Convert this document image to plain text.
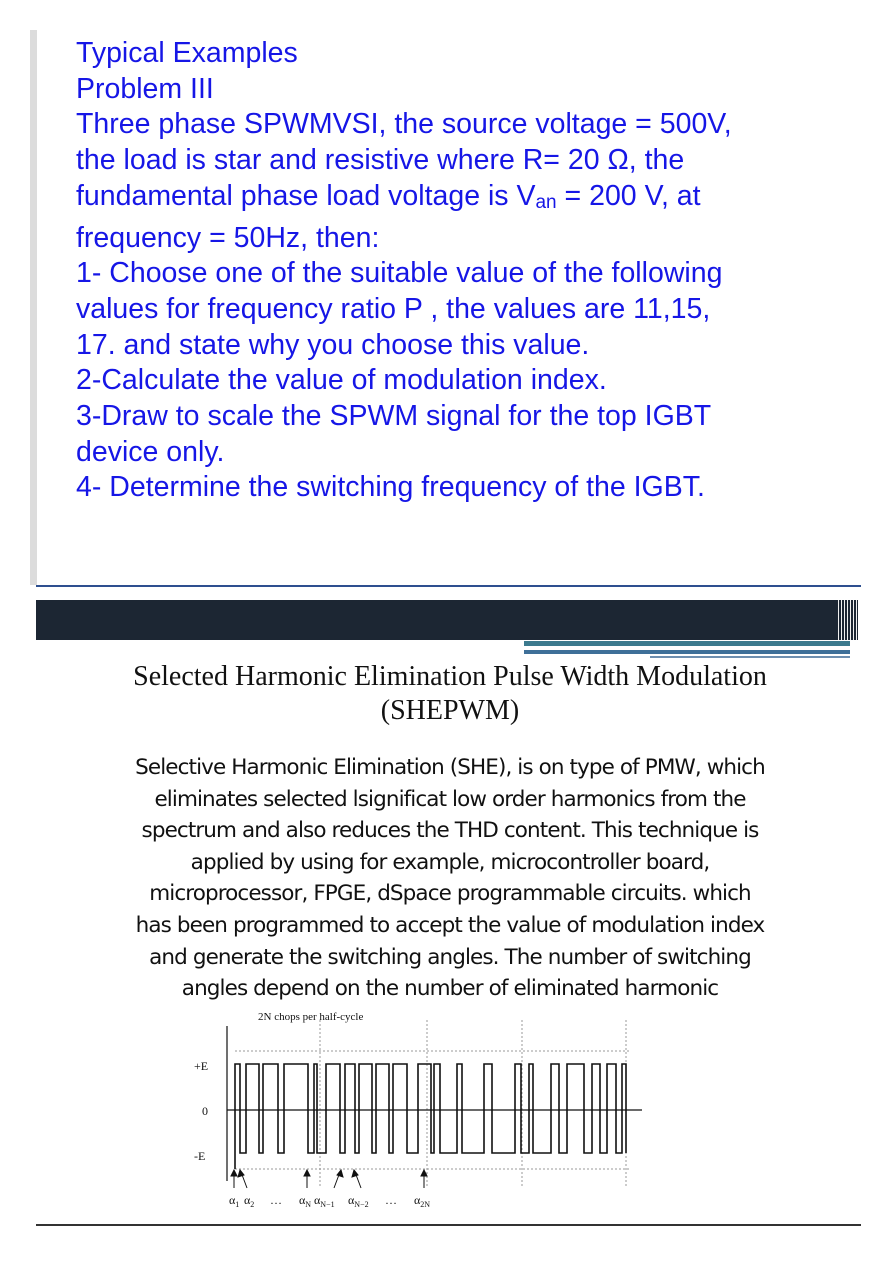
Typical Examples
Problem III
Three phase SPWMVSI, the source voltage = 500V,
the load is star and resistive where R= 20 Ω, the
fundamental phase load voltage is $V_{an} = 200$ V, at
frequency = 50Hz, then:
1- Choose one of the suitable value of the following
values for frequency ratio P , the values are 11,15,
17. and state why you choose this value.
2-Calculate the value of modulation index.
3-Draw to scale the SPWM signal for the top IGBT
device only.
4- Determine the switching frequency of the IGBT.
Selected Harmonic Elimination Pulse Width Modulation
(SHEPWM)
Selective Harmonic Elimination (SHE), is on type of PMW, which
eliminates selected lsignificat low order harmonics from the
spectrum and also reduces the THD content. This technique is
applied by using for example, microcontroller board,
microprocessor, FPGE, dSpace programmable circuits. which
has been programmed to accept the value of modulation index
and generate the switching angles. The number of switching
angles depend on the number of eliminated harmonic
2N chops per half-cycle
+E
0
-E
$\alpha_1$ $\alpha_2$ … $\alpha_N$ $\alpha_{N-1}$ $\alpha_{N-2}$ … $\alpha_{2N}$
